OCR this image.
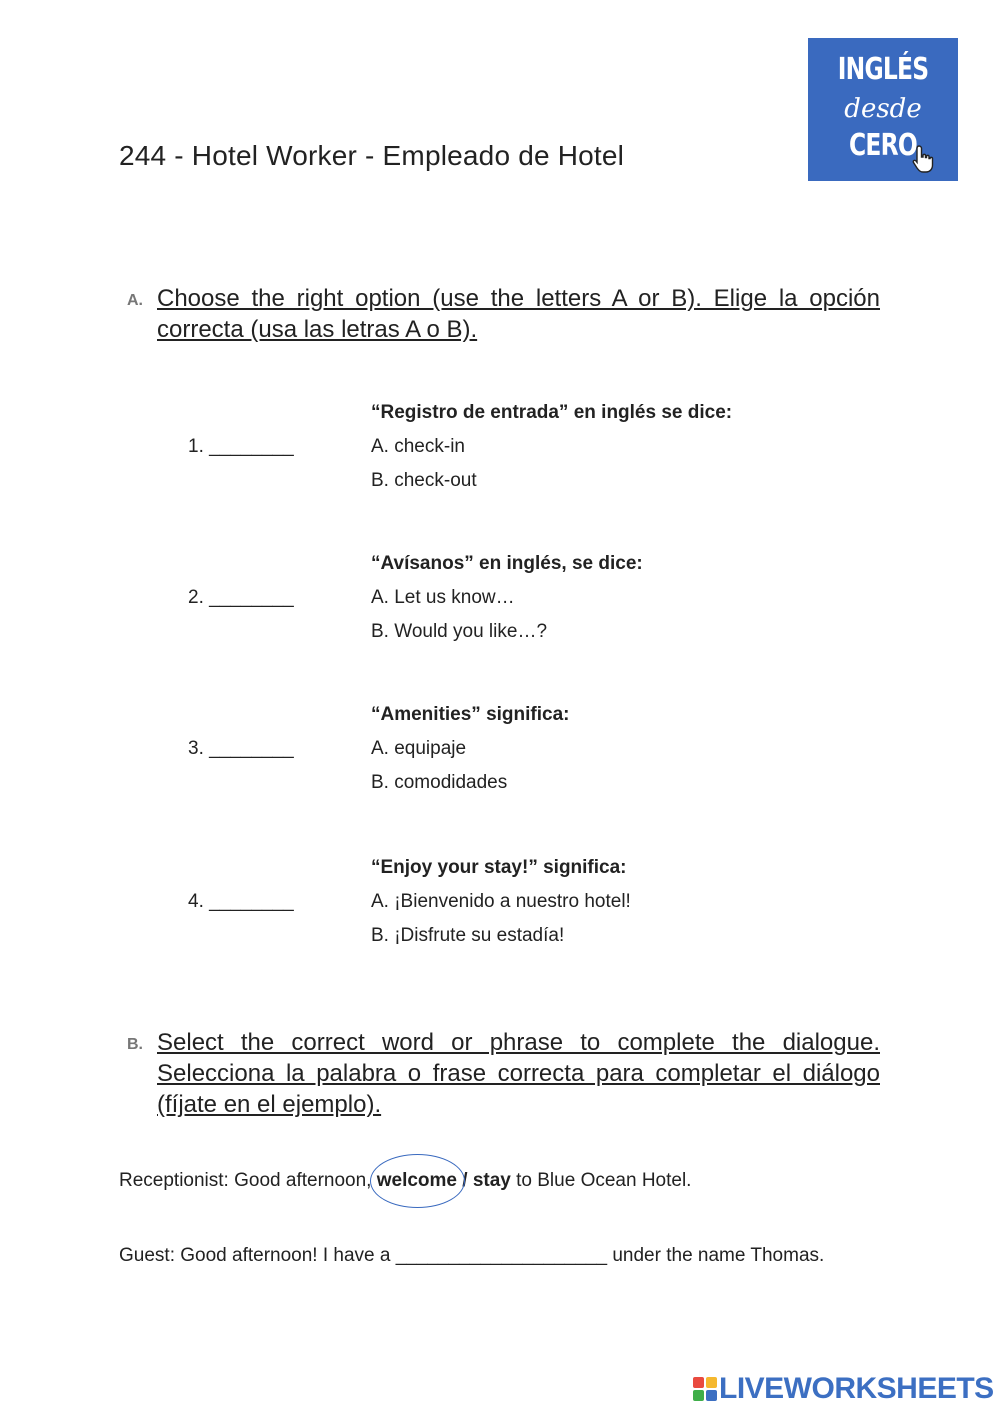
244 - Hotel Worker - Empleado de Hotel
INGLÉS
desde
CERO
A. Choose the right option (use the letters A or B). Elige la opción correcta (usa las letras A o B).
“Registro de entrada” en inglés se dice:
1. ________	A. check-in
B. check-out
“Avísanos” en inglés, se dice:
2. ________	A. Let us know…
B. Would you like…?
“Amenities” significa:
3. ________	A. equipaje
B. comodidades
“Enjoy your stay!” significa:
4. ________	A. ¡Bienvenido a nuestro hotel!
B. ¡Disfrute su estadía!
B. Select the correct word or phrase to complete the dialogue. Selecciona la palabra o frase correcta para completar el diálogo (fíjate en el ejemplo).
Receptionist: Good afternoon,
welcome / stay to Blue Ocean Hotel.
Guest: Good afternoon! I have a ____________________ under the name Thomas.
LIVEWORKSHEETS
